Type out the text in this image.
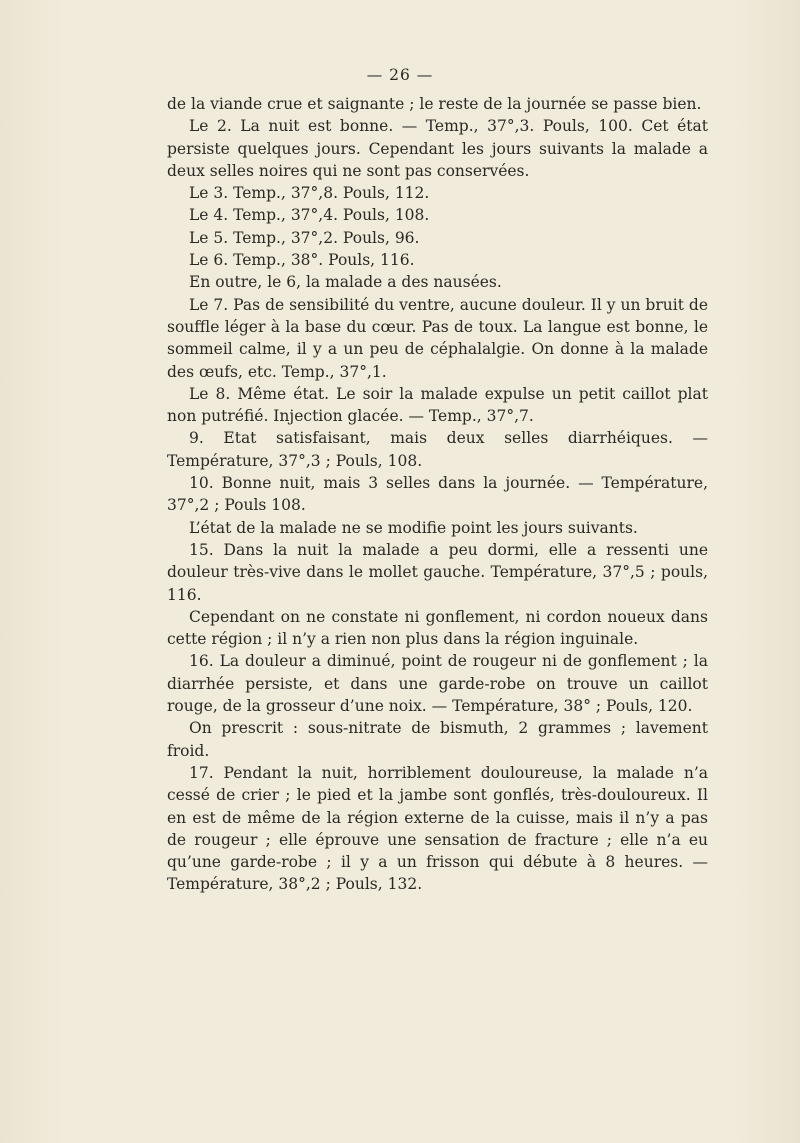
— 26 —

de la viande crue et saignante ; le reste de la journée se passe bien.

Le 2. La nuit est bonne. — Temp., 37°,3. Pouls, 100. Cet état persiste quelques jours. Cependant les jours suivants la malade a deux selles noires qui ne sont pas conservées.

Le 3. Temp., 37°,8. Pouls, 112.

Le 4. Temp., 37°,4. Pouls, 108.

Le 5. Temp., 37°,2. Pouls, 96.

Le 6. Temp., 38°. Pouls, 116.

En outre, le 6, la malade a des nausées.

Le 7. Pas de sensibilité du ventre, aucune douleur. Il y un bruit de souffle léger à la base du cœur. Pas de toux. La langue est bonne, le sommeil calme, il y a un peu de céphalalgie. On donne à la malade des œufs, etc. Temp., 37°,1.

Le 8. Même état. Le soir la malade expulse un petit caillot plat non putréfié. Injection glacée. — Temp., 37°,7.

9. Etat satisfaisant, mais deux selles diarrhéiques. — Température, 37°,3 ; Pouls, 108.

10. Bonne nuit, mais 3 selles dans la journée. — Température, 37°,2 ; Pouls 108.

L’état de la malade ne se modifie point les jours suivants.

15. Dans la nuit la malade a peu dormi, elle a ressenti une douleur très-vive dans le mollet gauche. Température, 37°,5 ; pouls, 116.

Cependant on ne constate ni gonflement, ni cordon noueux dans cette région ; il n’y a rien non plus dans la région inguinale.

16. La douleur a diminué, point de rougeur ni de gonflement ; la diarrhée persiste, et dans une garde-robe on trouve un caillot rouge, de la grosseur d’une noix. — Température, 38° ; Pouls, 120.

On prescrit : sous-nitrate de bismuth, 2 grammes ; lavement froid.

17. Pendant la nuit, horriblement douloureuse, la malade n’a cessé de crier ; le pied et la jambe sont gonflés, très-douloureux. Il en est de même de la région externe de la cuisse, mais il n’y a pas de rougeur ; elle éprouve une sensation de fracture ; elle n’a eu qu’une garde-robe ; il y a un frisson qui débute à 8 heures. — Température, 38°,2 ; Pouls, 132.
